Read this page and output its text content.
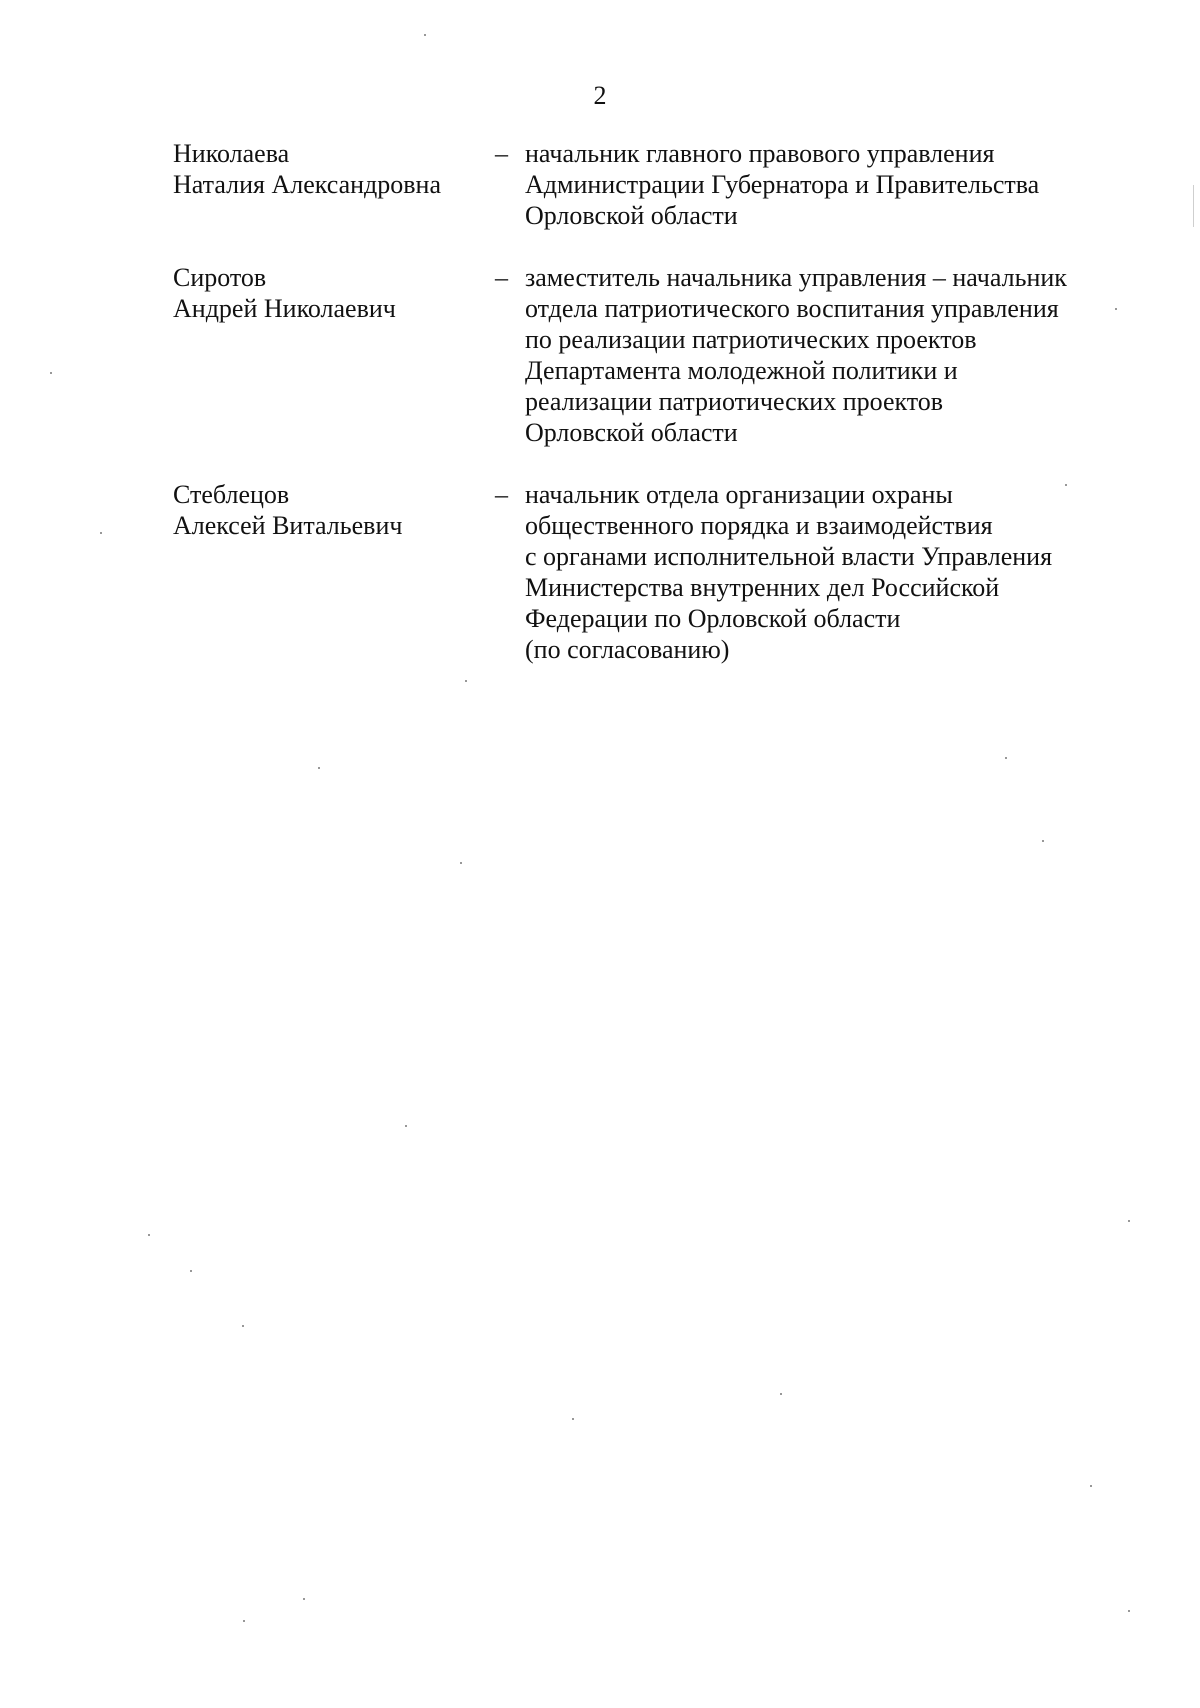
2
Николаева
Наталия Александровна
– начальник главного правового управления
Администрации Губернатора и Правительства
Орловской области
Сиротов
Андрей Николаевич
– заместитель начальника управления – начальник
отдела патриотического воспитания управления
по реализации патриотических проектов
Департамента молодежной политики и
реализации патриотических проектов
Орловской области
Стеблецов
Алексей Витальевич
– начальник отдела организации охраны
общественного порядка и взаимодействия
с органами исполнительной власти Управления
Министерства внутренних дел Российской
Федерации по Орловской области
(по согласованию)
